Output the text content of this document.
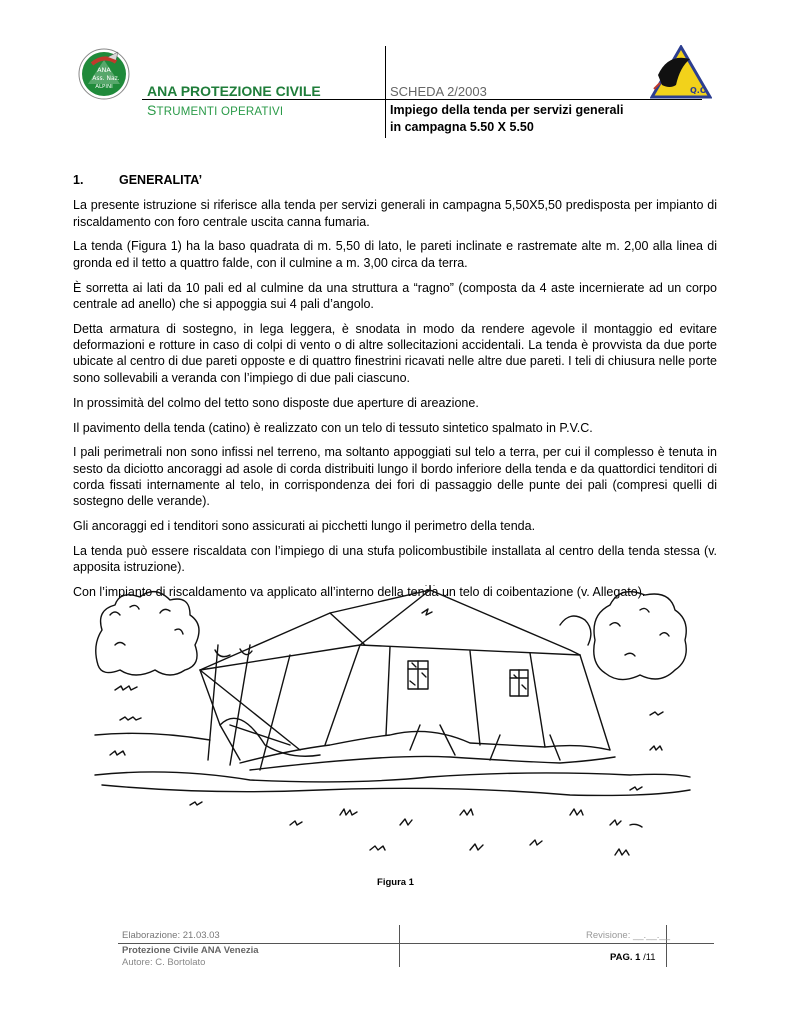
ANA
Ass. Naz.
ALPINI ANA PROTEZIONE CIVILE
STRUMENTI OPERATIVI
SCHEDA 2/2003
Impiego della tenda per servizi generali in campagna 5.50 X 5.50
Q.O
1.	GENERALITA’

La presente istruzione si riferisce alla tenda per servizi generali in campagna 5,50X5,50 predisposta per impianto di riscaldamento con foro centrale uscita canna fumaria.

La tenda (Figura 1) ha la baso quadrata di m. 5,50 di lato, le pareti inclinate e rastremate alte m. 2,00 alla linea di gronda ed il tetto a quattro falde, con il culmine a m. 3,00 circa da terra.

È sorretta ai lati da 10 pali ed al culmine da una struttura a “ragno” (composta da 4 aste incernierate ad un corpo centrale ad anello) che si appoggia sui 4 pali d’angolo.

Detta armatura di sostegno, in lega leggera, è snodata in modo da rendere agevole il montaggio ed evitare deformazioni e rotture in caso di colpi di vento o di altre sollecitazioni accidentali. La tenda è provvista da due porte ubicate al centro di due pareti opposte e di quattro finestrini ricavati nelle altre due pareti. I teli di chiusura nelle porte sono sollevabili a veranda con l’impiego di due pali ciascuno.

In prossimità del colmo del tetto sono disposte due aperture di areazione.

Il pavimento della tenda (catino) è realizzato con un telo di tessuto sintetico spalmato in P.V.C.

I pali perimetrali non sono infissi nel terreno, ma soltanto appoggiati sul telo a terra, per cui il complesso è tenuta in sesto da diciotto ancoraggi ad asole di corda distribuiti lungo il bordo inferiore della tenda e da quattordici tenditori di corda fissati internamente al telo, in corrispondenza dei fori di passaggio delle punte dei pali (compresi quelli di sostegno delle verande).

Gli ancoraggi ed i tenditori sono assicurati ai picchetti lungo il perimetro della tenda.

La tenda può essere riscaldata con l’impiego di una stufa policombustibile installata al centro della tenda stessa (v. apposita istruzione).

Con l’impianto di riscaldamento va applicato all’interno della tenda un telo di coibentazione (v. Allegato).

Figura 1
Elaborazione: 21.03.03	Revisione: __.__.__
Protezione Civile ANA Venezia
Autore: C. Bortolato	PAG. 1 /11
